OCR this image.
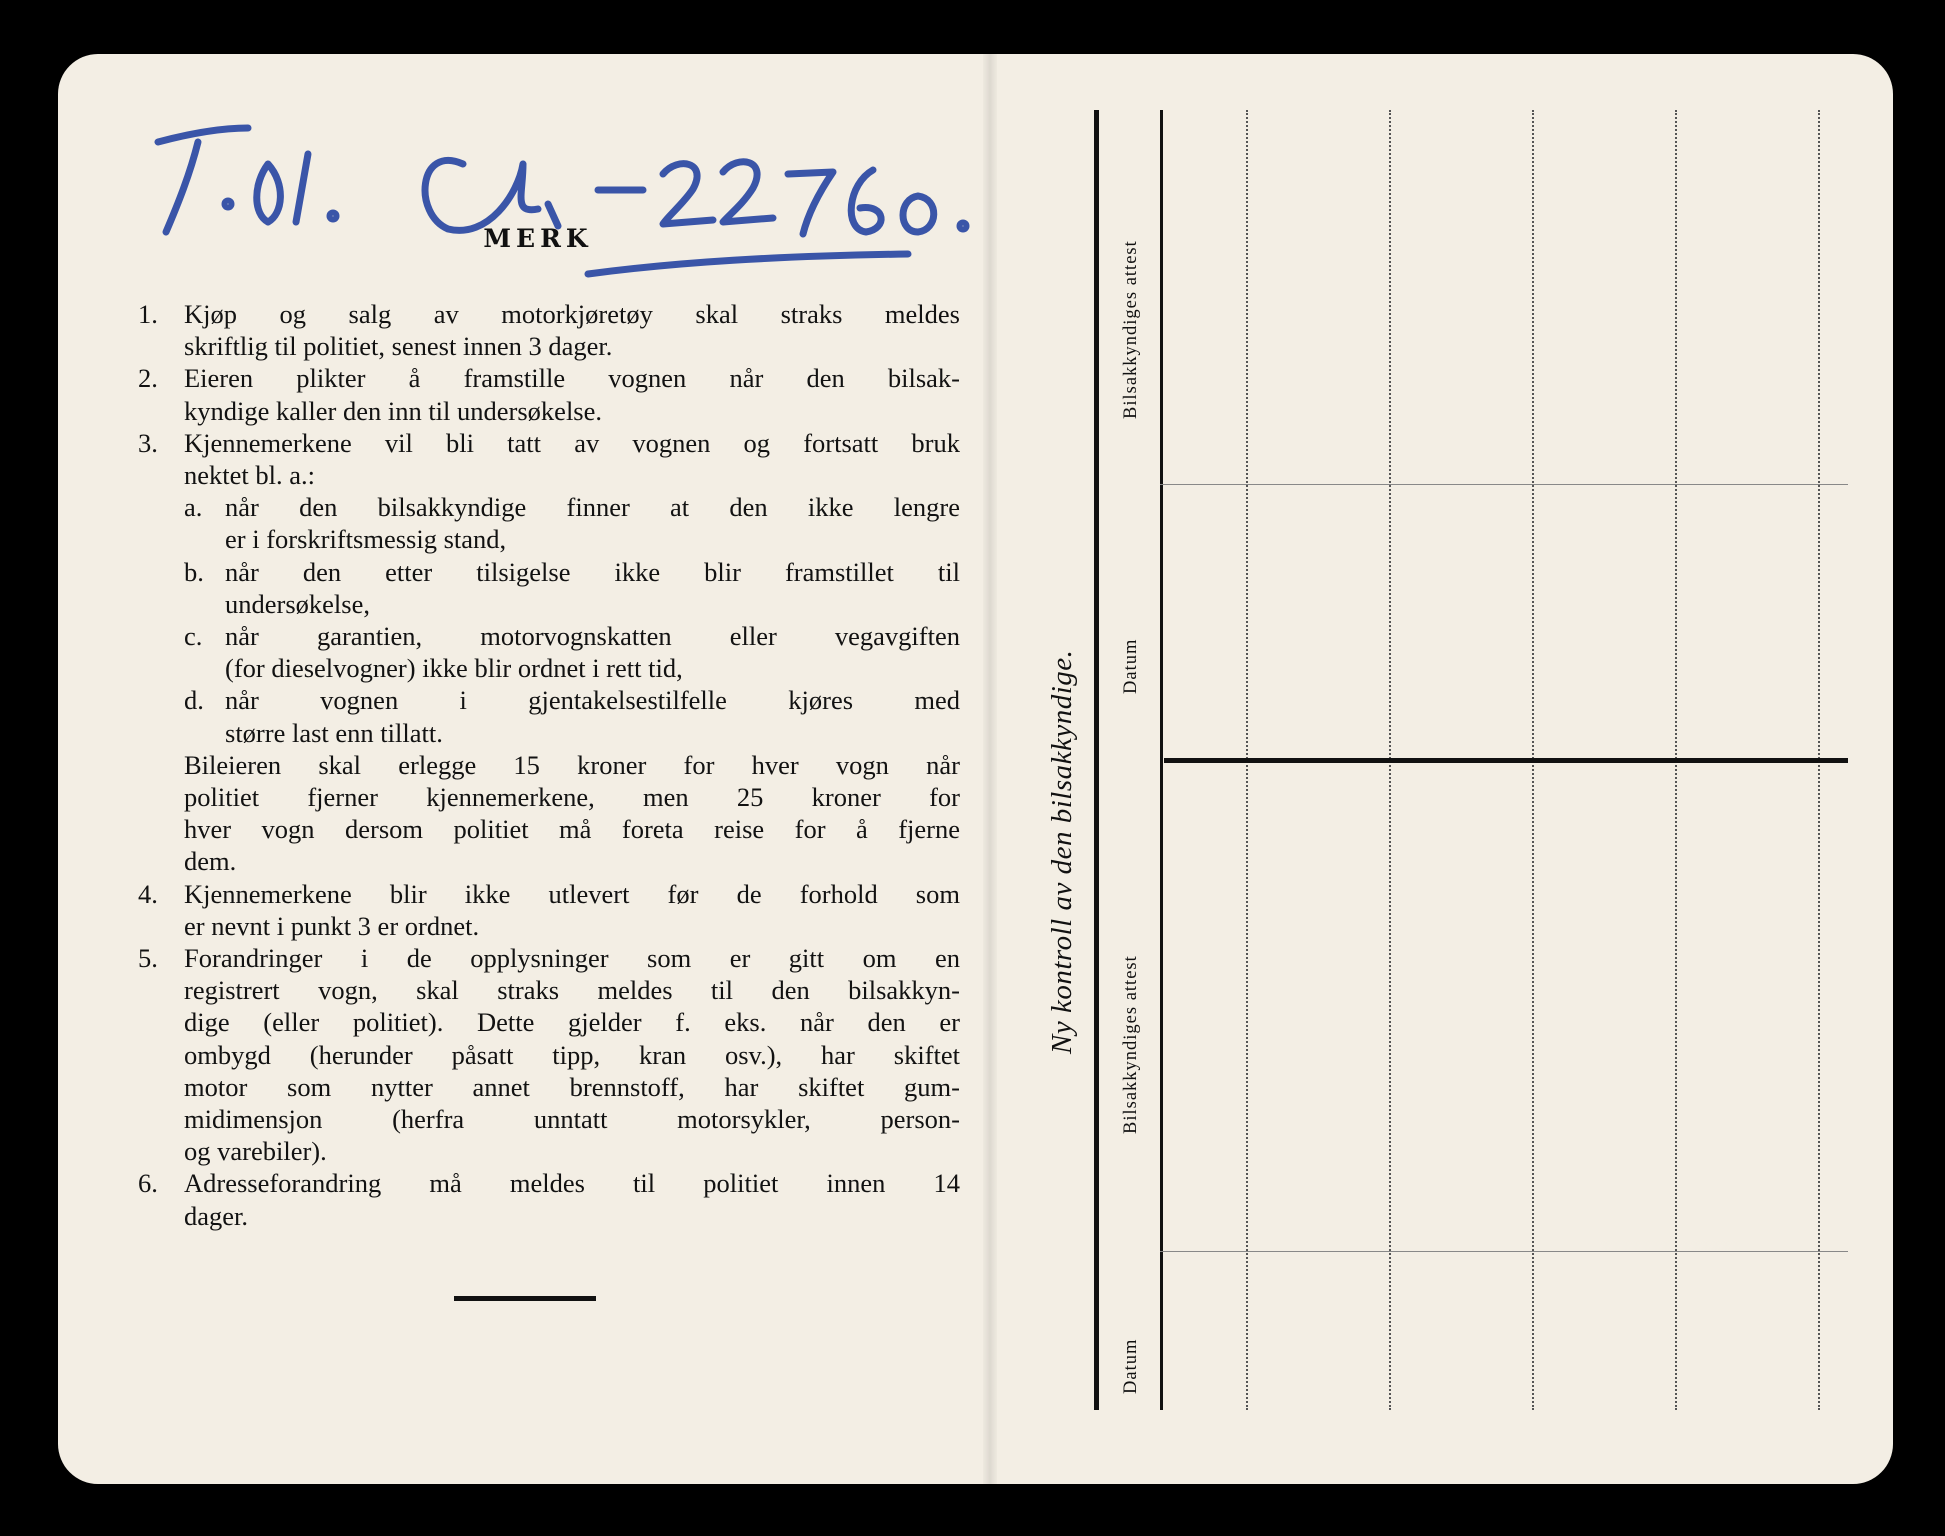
MERK
1. Kjøp og salg av motorkjøretøy skal straks meldes
skriftlig til politiet, senest innen 3 dager.
2. Eieren plikter å framstille vognen når den bilsak-
kyndige kaller den inn til undersøkelse.
3. Kjennemerkene vil bli tatt av vognen og fortsatt bruk
nektet bl. a.:
a. når den bilsakkyndige finner at den ikke lengre
er i forskriftsmessig stand,
b. når den etter tilsigelse ikke blir framstillet til
undersøkelse,
c. når garantien, motorvognskatten eller vegavgiften
(for dieselvogner) ikke blir ordnet i rett tid,
d. når vognen i gjentakelsestilfelle kjøres med
større last enn tillatt.
Bileieren skal erlegge 15 kroner for hver vogn når
politiet fjerner kjennemerkene, men 25 kroner for
hver vogn dersom politiet må foreta reise for å fjerne
dem.
4. Kjennemerkene blir ikke utlevert før de forhold som
er nevnt i punkt 3 er ordnet.
5. Forandringer i de opplysninger som er gitt om en
registrert vogn, skal straks meldes til den bilsakkyn-
dige (eller politiet). Dette gjelder f. eks. når den er
ombygd (herunder påsatt tipp, kran osv.), har skiftet
motor som nytter annet brennstoff, har skiftet gum-
midimensjon (herfra unntatt motorsykler, person-
og varebiler).
6. Adresseforandring må meldes til politiet innen 14
dager.
Ny kontroll av den bilsakkyndige.
Bilsakkyndiges attest
Datum
Bilsakkyndiges attest
Datum
